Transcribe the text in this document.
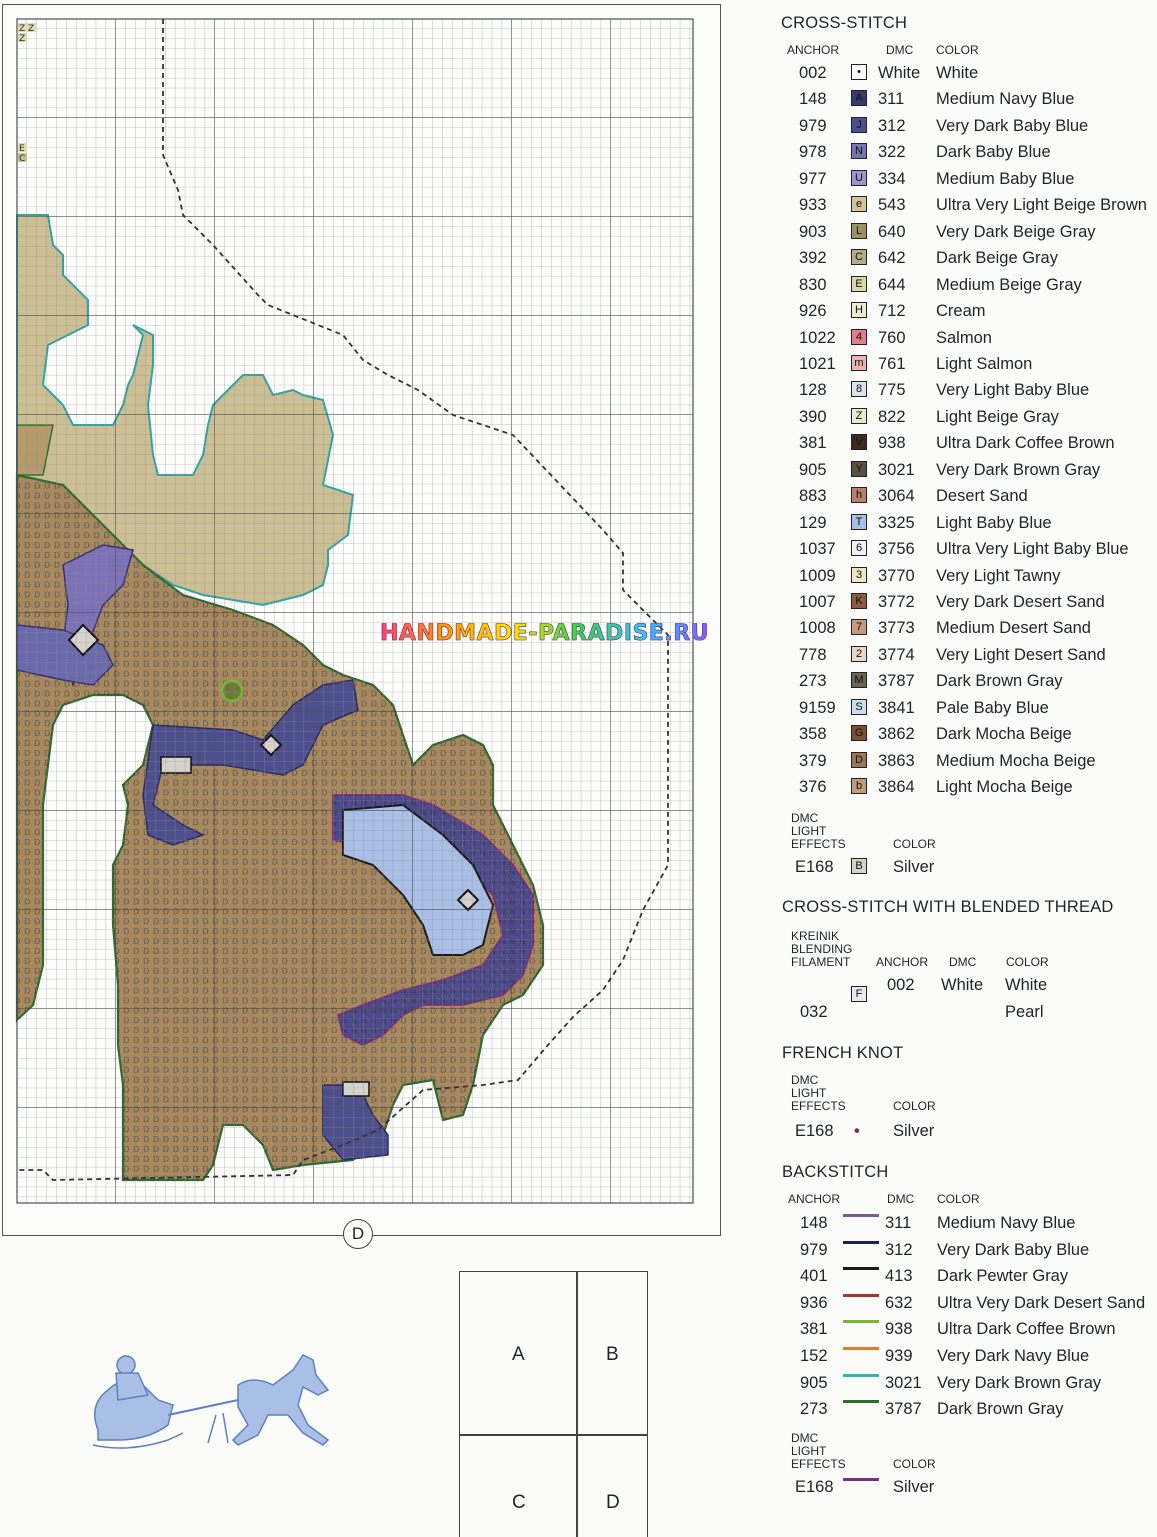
Z Z
Z
E
C
HANDMADE-PARADISE.RU
D
A	B
C	D
CROSS-STITCH
ANCHOR	DMC COLOR
002	•	White White
148	A 311 Medium Navy Blue
979	J 312 Very Dark Baby Blue
978	N 322 Dark Baby Blue
977	U 334 Medium Baby Blue
933	e 543 Ultra Very Light Beige Brown
903	L 640 Very Dark Beige Gray
392	C 642 Dark Beige Gray
830	E 644 Medium Beige Gray
926	H 712 Cream
1022	4 760 Salmon
1021	m 761 Light Salmon
128	8 775 Very Light Baby Blue
390	Z 822 Light Beige Gray
381	V 938 Ultra Dark Coffee Brown
905	Y 3021 Very Dark Brown Gray
883	h 3064 Desert Sand
129	T 3325 Light Baby Blue
1037	6 3756 Ultra Very Light Baby Blue
1009	3 3770 Very Light Tawny
1007	K 3772 Very Dark Desert Sand
1008	7 3773 Medium Desert Sand
778	2 3774 Very Light Desert Sand
273	M 3787 Dark Brown Gray
9159	S 3841 Pale Baby Blue
358	G 3862 Dark Mocha Beige
379	D 3863 Medium Mocha Beige
376	b 3864 Light Mocha Beige
DMC
LIGHT
EFFECTS	COLOR
E168	B Silver
CROSS-STITCH WITH BLENDED THREAD
KREINIK
BLENDING
FILAMENT ANCHOR DMC COLOR
F 002 White White
032	Pearl
FRENCH KNOT
DMC
LIGHT
EFFECTS	COLOR
E168 • Silver
BACKSTITCH
ANCHOR	DMC COLOR
148	311 Medium Navy Blue
979	312 Very Dark Baby Blue
401	413 Dark Pewter Gray
936	632 Ultra Very Dark Desert Sand
381	938 Ultra Dark Coffee Brown
152	939 Very Dark Navy Blue
905	3021 Very Dark Brown Gray
273	3787 Dark Brown Gray
DMC
LIGHT
EFFECTS	COLOR
E168	Silver
